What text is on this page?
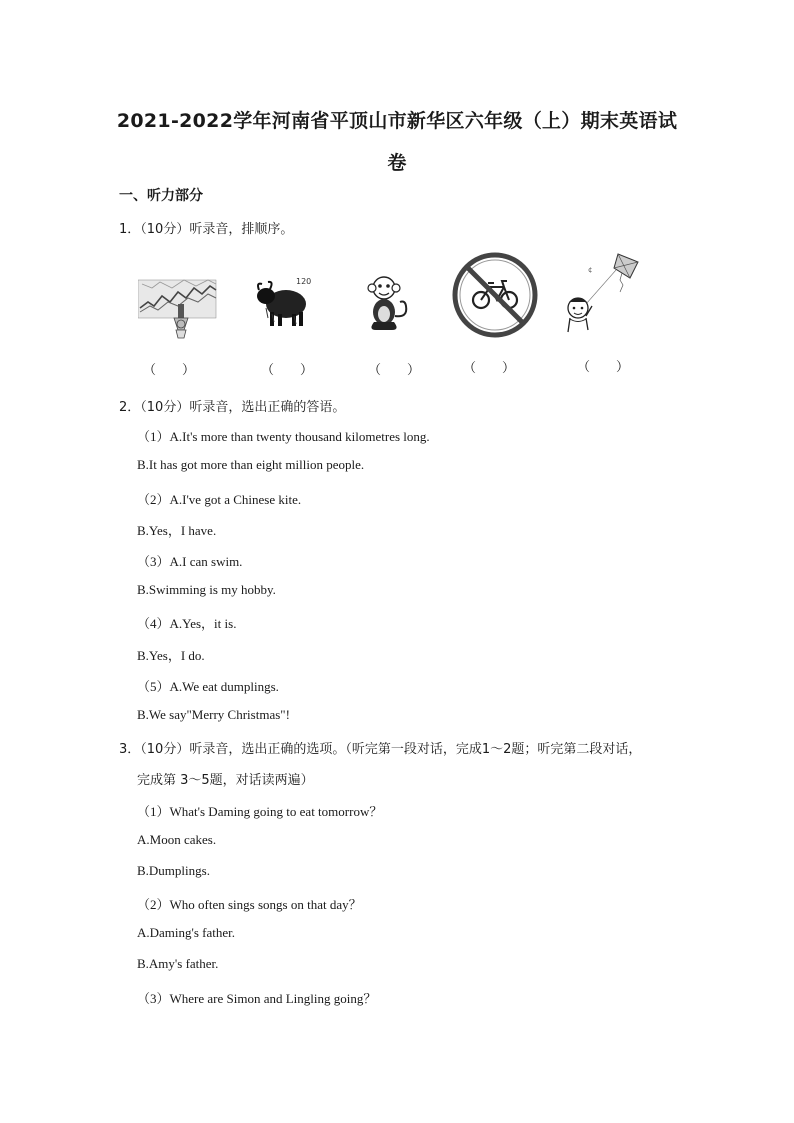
2021-2022学年河南省平顶山市新华区六年级（上）期末英语试
卷
一、听力部分
1．（10分）听录音，排顺序。
120
¢
（　　）	（　　）	（　　）	（　　）	（　　）
2．（10分）听录音，选出正确的答语。
（1）A.It's more than twenty thousand kilometres long.
B.It has got more than eight million people.
（2）A.I've got a Chinese kite.
B.Yes，I have.
（3）A.I can swim.
B.Swimming is my hobby.
（4）A.Yes，it is.
B.Yes，I do.
（5）A.We eat dumplings.
B.We say"Merry Christmas"!
3．（10分）听录音，选出正确的选项。（听完第一段对话，完成1～2题；听完第二段对话，
完成第 3～5题，对话读两遍）
（1）What's Daming going to eat tomorrow？
A.Moon cakes.
B.Dumplings.
（2）Who often sings songs on that day？
A.Daming's father.
B.Amy's father.
（3）Where are Simon and Lingling going？
